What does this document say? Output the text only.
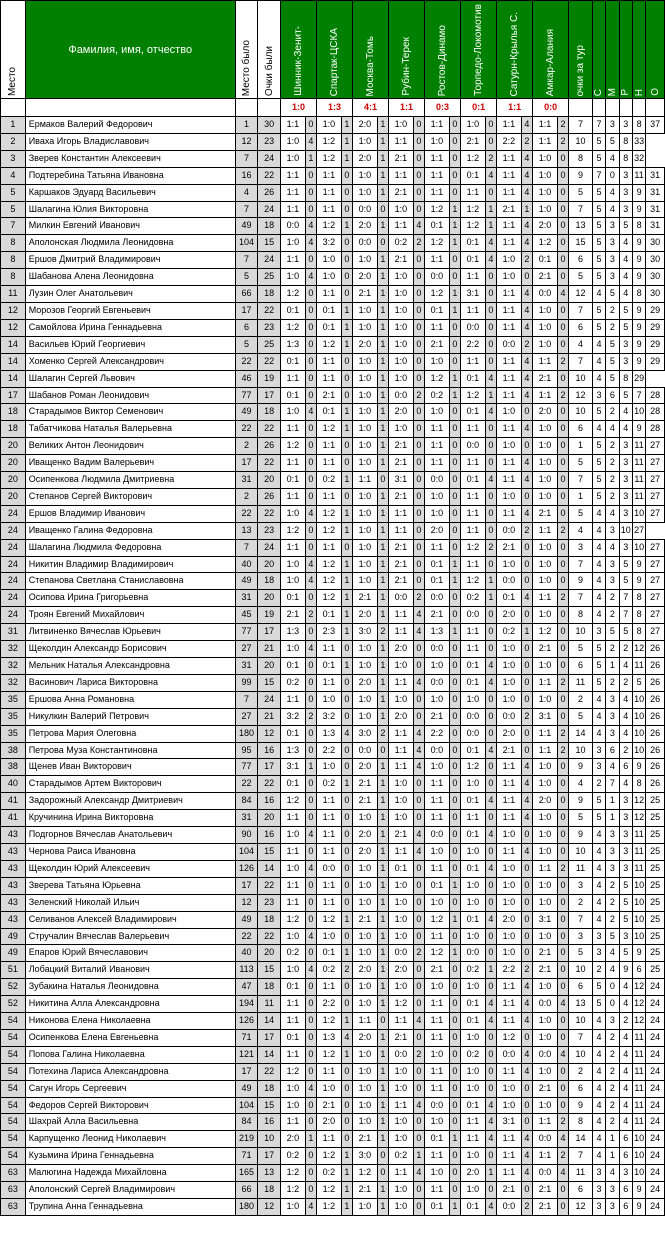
Место	Фамилия, имя, отчество	Место было	Очки были	Шинник-Зенит-		Спартак-ЦСКА		Москва-Томь		Рубин-Терек		Ростов-Динамо		Торпедо-Локомотив		Сатурн-Крылья С.		Амкар-Алания		очки за тур	С	М	Р	Н	О

				1:0		1:3		4:1		1:1		0:3		0:1		1:1		0:0							
1	Ермаков Валерий Федорович	1	30	1:1	0	1:0	1	2:0	1	1:0	0	1:1	0	1:0	0	1:1	4	1:1	2	7	7	3	3	8	37
2	Иваха Игорь Владиславович	12	23	1:0	4	1:2	1	1:0	1	1:1	0	1:0	0	2:1	0	2:2	2	1:1	2	10	5	5	8	33	
3	Зверев Константин Алексеевич	7	24	1:0	1	1:2	1	2:0	1	2:1	0	1:1	0	1:2	2	1:1	4	1:0	0	8	5	4	8	32	
4	Подтеребина Татьяна Ивановна	16	22	1:1	0	1:1	0	1:0	1	1:1	0	1:1	0	0:1	4	1:1	4	1:0	0	9	7	0	3	11	31
5	Каршаков Эдуард Васильевич	4	26	1:1	0	1:1	0	1:0	1	2:1	0	1:1	0	1:1	0	1:1	4	1:0	0	5	5	4	3	9	31
5	Шалагина Юлия Викторовна	7	24	1:1	0	1:1	0	0:0	0	1:0	0	1:2	1	1:2	1	2:1	1	1:0	0	7	5	4	3	9	31
7	Милкин Евгений Иванович	49	18	0:0	4	1:2	1	2:0	1	1:1	4	0:1	1	1:2	1	1:1	4	2:0	0	13	5	3	5	8	31
8	Аполонская Людмила Леонидовна	104	15	1:0	4	3:2	0	0:0	0	0:2	2	1:2	1	0:1	4	1:1	4	1:2	0	15	5	3	4	9	30
8	Ершов Дмитрий Владимирович	7	24	1:1	0	1:0	0	1:0	1	2:1	0	1:1	0	0:1	4	1:0	2	0:1	0	6	5	3	4	9	30
8	Шабанова Алена Леонидовна	5	25	1:0	4	1:0	0	2:0	1	1:0	0	0:0	0	1:1	0	1:0	0	2:1	0	5	5	3	4	9	30
11	Лузин Олег Анатольевич	66	18	1:2	0	1:1	0	2:1	1	1:0	0	1:2	1	3:1	0	1:1	4	0:0	4	12	4	5	4	8	30
12	Морозов Георгий Евгеньевич	17	22	0:1	0	0:1	1	1:0	1	1:0	0	0:1	1	1:1	0	1:1	4	1:0	0	7	5	2	5	9	29
12	Самойлова Ирина Геннадьевна	6	23	1:2	0	0:1	1	1:0	1	1:0	0	1:1	0	0:0	0	1:1	4	1:0	0	6	5	2	5	9	29
14	Васильев Юрий Георгиевич	5	25	1:3	0	1:2	1	2:0	1	1:0	0	2:1	0	2:2	0	0:0	2	1:0	0	4	4	5	3	9	29
14	Хоменко Сергей Александрович	22	22	0:1	0	1:1	0	1:0	1	1:0	0	1:0	0	1:1	0	1:1	4	1:1	2	7	4	5	3	9	29
14	Шалагин Сергей Львович	46	19	1:1	0	1:1	0	1:0	1	1:0	0	1:2	1	0:1	4	1:1	4	2:1	0	10	4	5	8	29	
17	Шабанов Роман Леонидович	77	17	0:1	0	2:1	0	1:0	1	0:0	2	0:2	1	1:2	1	1:1	4	1:1	2	12	3	6	5	7	28
18	Старадымов Виктор Семенович	49	18	1:0	4	0:1	1	1:0	1	2:0	0	1:0	0	0:1	4	1:0	0	2:0	0	10	5	2	4	10	28
18	Табатчикова Наталья Валерьевна	22	22	1:1	0	1:2	1	1:0	1	1:0	0	1:1	0	1:1	0	1:1	4	1:0	0	6	4	4	4	9	28
20	Великих Антон Леонидович	2	26	1:2	0	1:1	0	1:0	1	2:1	0	1:1	0	0:0	0	1:0	0	1:0	0	1	5	2	3	11	27
20	Иващенко Вадим Валерьевич	17	22	1:1	0	1:1	0	1:0	1	2:1	0	1:1	0	1:1	0	1:1	4	1:0	0	5	5	2	3	11	27
20	Осипенкова Людмила Дмитриевна	31	20	0:1	0	0:2	1	1:1	0	3:1	0	0:0	0	0:1	4	1:1	4	1:0	0	7	5	2	3	11	27
20	Степанов Сергей Викторович	2	26	1:1	0	1:1	0	1:0	1	2:1	0	1:0	0	1:1	0	1:0	0	1:0	0	1	5	2	3	11	27
24	Ершов Владимир Иванович	22	22	1:0	4	1:2	1	1:0	1	1:1	0	1:0	0	1:1	0	1:1	4	2:1	0	5	4	4	3	10	27
24	Иващенко Галина Федоровна	13	23	1:2	0	1:2	1	1:0	1	1:1	0	2:0	0	1:1	0	0:0	2	1:1	2	4	4	3	10	27	
24	Шалагина Людмила Федоровна	7	24	1:1	0	1:1	0	1:0	1	2:1	0	1:1	0	1:2	2	2:1	0	1:0	0	3	4	4	3	10	27
24	Никитин Владимир Владимирович	40	20	1:0	4	1:2	1	1:0	1	2:1	0	0:1	1	1:1	0	1:0	0	1:0	0	7	4	3	5	9	27
24	Степанова Светлана Станиславовна	49	18	1:0	4	1:2	1	1:0	1	2:1	0	0:1	1	1:2	1	0:0	0	1:0	0	9	4	3	5	9	27
24	Осипова Ирина Григорьевна	31	20	0:1	0	1:2	1	2:1	1	0:0	2	0:0	0	0:2	1	0:1	4	1:1	2	7	4	2	7	8	27
24	Троян Евгений Михайлович	45	19	2:1	2	0:1	1	2:0	1	1:1	4	2:1	0	0:0	0	2:0	0	1:0	0	8	4	2	7	8	27
31	Литвиненко Вячеслав Юрьевич	77	17	1:3	0	2:3	1	3:0	2	1:1	4	1:3	1	1:1	0	0:2	1	1:2	0	10	3	5	5	8	27
32	Щеколдин Александр Борисович	27	21	1:0	4	1:1	0	1:0	1	2:0	0	0:0	0	1:1	0	1:0	0	2:1	0	5	5	2	2	12	26
32	Мельник Наталья Александровна	31	20	0:1	0	0:1	1	1:0	1	1:0	0	1:0	0	0:1	4	1:0	0	1:0	0	6	5	1	4	11	26
32	Васинович Лариса Викторовна	99	15	0:2	0	1:1	0	2:0	1	1:1	4	0:0	0	0:1	4	1:0	0	1:1	2	11	5	2	2	5	26
35	Ершова Анна Романовна	7	24	1:1	0	1:0	0	1:0	1	1:0	0	1:0	0	1:0	0	1:0	0	1:0	0	2	4	3	4	10	26
35	Никулкин Валерий Петрович	27	21	3:2	2	3:2	0	1:0	1	2:0	0	2:1	0	0:0	0	0:0	2	3:1	0	5	4	3	4	10	26
35	Петрова Мария Олеговна	180	12	0:1	0	1:3	4	3:0	2	1:1	4	2:2	0	0:0	0	2:0	0	1:1	2	14	4	3	4	10	26
38	Петрова Муза Константиновна	95	16	1:3	0	2:2	0	0:0	0	1:1	4	0:0	0	0:1	4	2:1	0	1:1	2	10	3	6	2	10	26
38	Щенев Иван Викторович	77	17	3:1	1	1:0	0	2:0	1	1:1	4	1:0	0	1:2	0	1:1	4	1:0	0	9	3	4	6	9	26
40	Старадымов Артем Викторович	22	22	0:1	0	0:2	1	2:1	1	1:0	0	1:1	0	1:0	0	1:1	4	1:0	0	4	2	7	4	8	26
41	Задорожный Александр Дмитриевич	84	16	1:2	0	1:1	0	2:1	1	1:0	0	1:1	0	0:1	4	1:1	4	2:0	0	9	5	1	3	12	25
41	Кручинина Ирина Викторовна	31	20	1:1	0	1:1	0	1:0	1	1:0	0	1:1	0	1:1	0	1:1	4	1:0	0	5	5	1	3	12	25
43	Подгорнов Вячеслав Анатольевич	90	16	1:0	4	1:1	0	2:0	1	2:1	4	0:0	0	0:1	4	1:0	0	1:0	0	9	4	3	3	11	25
43	Чернова Раиса Ивановна	104	15	1:1	0	1:1	0	2:0	1	1:1	4	1:0	0	1:0	0	1:1	4	1:0	0	10	4	3	3	11	25
43	Щеколдин Юрий Алексеевич	126	14	1:0	4	0:0	0	1:0	1	0:1	0	1:1	0	0:1	4	1:0	0	1:1	2	11	4	3	3	11	25
43	Зверева Татьяна Юрьевна	17	22	1:1	0	1:1	0	1:0	1	1:0	0	0:1	1	1:0	0	1:0	0	1:0	0	3	4	2	5	10	25
43	Зеленский Николай Ильич	12	23	1:1	0	1:1	0	1:0	1	1:0	0	1:0	0	1:0	0	1:0	0	1:0	0	2	4	2	5	10	25
43	Селиванов Алексей Владимирович	49	18	1:2	0	1:2	1	2:1	1	1:0	0	1:2	1	0:1	4	2:0	0	3:1	0	7	4	2	5	10	25
49	Стручалин Вячеслав Валерьевич	22	22	1:0	4	1:0	0	1:0	1	1:0	0	1:1	0	1:0	0	1:0	0	1:0	0	3	3	5	3	10	25
49	Епаров Юрий Вячеславович	40	20	0:2	0	0:1	1	1:0	1	0:0	2	1:2	1	0:0	0	1:0	0	2:1	0	5	3	4	5	9	25
51	Лобацкий Виталий Иванович	113	15	1:0	4	0:2	2	2:0	1	2:0	0	2:1	0	0:2	1	2:2	2	2:1	0	10	2	4	9	6	25
52	Зубакина Наталья Леонидовна	47	18	0:1	0	1:1	0	1:0	1	1:0	0	1:0	0	1:0	0	1:1	4	1:0	0	6	5	0	4	12	24
52	Никитина Алла Александровна	194	11	1:1	0	2:2	0	1:0	1	1:2	0	1:1	0	0:1	4	1:1	4	0:0	4	13	5	0	4	12	24
54	Никонова Елена Николаевна	126	14	1:1	0	1:2	1	1:1	0	1:1	4	1:1	0	0:1	4	1:1	4	1:0	0	10	4	3	2	12	24
54	Осипенкова Елена Евгеньевна	71	17	0:1	0	1:3	4	2:0	1	2:1	0	1:1	0	1:0	0	1:2	0	1:0	0	7	4	2	4	11	24
54	Попова Галина Николаевна	121	14	1:1	0	1:2	1	1:0	1	0:0	2	1:0	0	0:2	0	0:0	4	0:0	4	10	4	2	4	11	24
54	Потехина Лариса Александровна	17	22	1:2	0	1:1	0	1:0	1	1:0	0	1:1	0	1:0	0	1:1	4	1:0	0	2	4	2	4	11	24
54	Сагун Игорь Сергеевич	49	18	1:0	4	1:0	0	1:0	1	1:0	0	1:1	0	1:0	0	1:0	0	2:1	0	6	4	2	4	11	24
54	Федоров Сергей Викторович	104	15	1:0	0	2:1	0	1:0	1	1:1	4	0:0	0	0:1	4	1:0	0	1:0	0	9	4	2	4	11	24
54	Шахрай Алла Васильевна	84	16	1:1	0	2:0	0	1:0	1	1:0	0	1:0	0	1:1	4	3:1	0	1:1	2	8	4	2	4	11	24
54	Карпущенко Леонид Николаевич	219	10	2:0	1	1:1	0	2:1	1	1:0	0	0:1	1	1:1	4	1:1	4	0:0	4	14	4	1	6	10	24
54	Кузьмина Ирина Геннадьевна	71	17	0:2	0	1:2	1	3:0	0	0:2	1	1:1	0	1:0	0	1:1	4	1:1	2	7	4	1	6	10	24
63	Малюгина Надежда Михайловна	165	13	1:2	0	0:2	1	1:2	0	1:1	4	1:0	0	2:0	1	1:1	4	0:0	4	11	3	4	3	10	24
63	Аполонский Сергей Владимирович	66	18	1:2	0	1:2	1	2:1	1	1:0	0	1:1	0	1:0	0	2:1	0	2:1	0	6	3	3	6	9	24
63	Трупина Анна Геннадьевна	180	12	1:0	4	1:2	1	1:0	1	1:0	0	0:1	1	0:1	4	0:0	2	2:1	0	12	3	3	6	9	24
